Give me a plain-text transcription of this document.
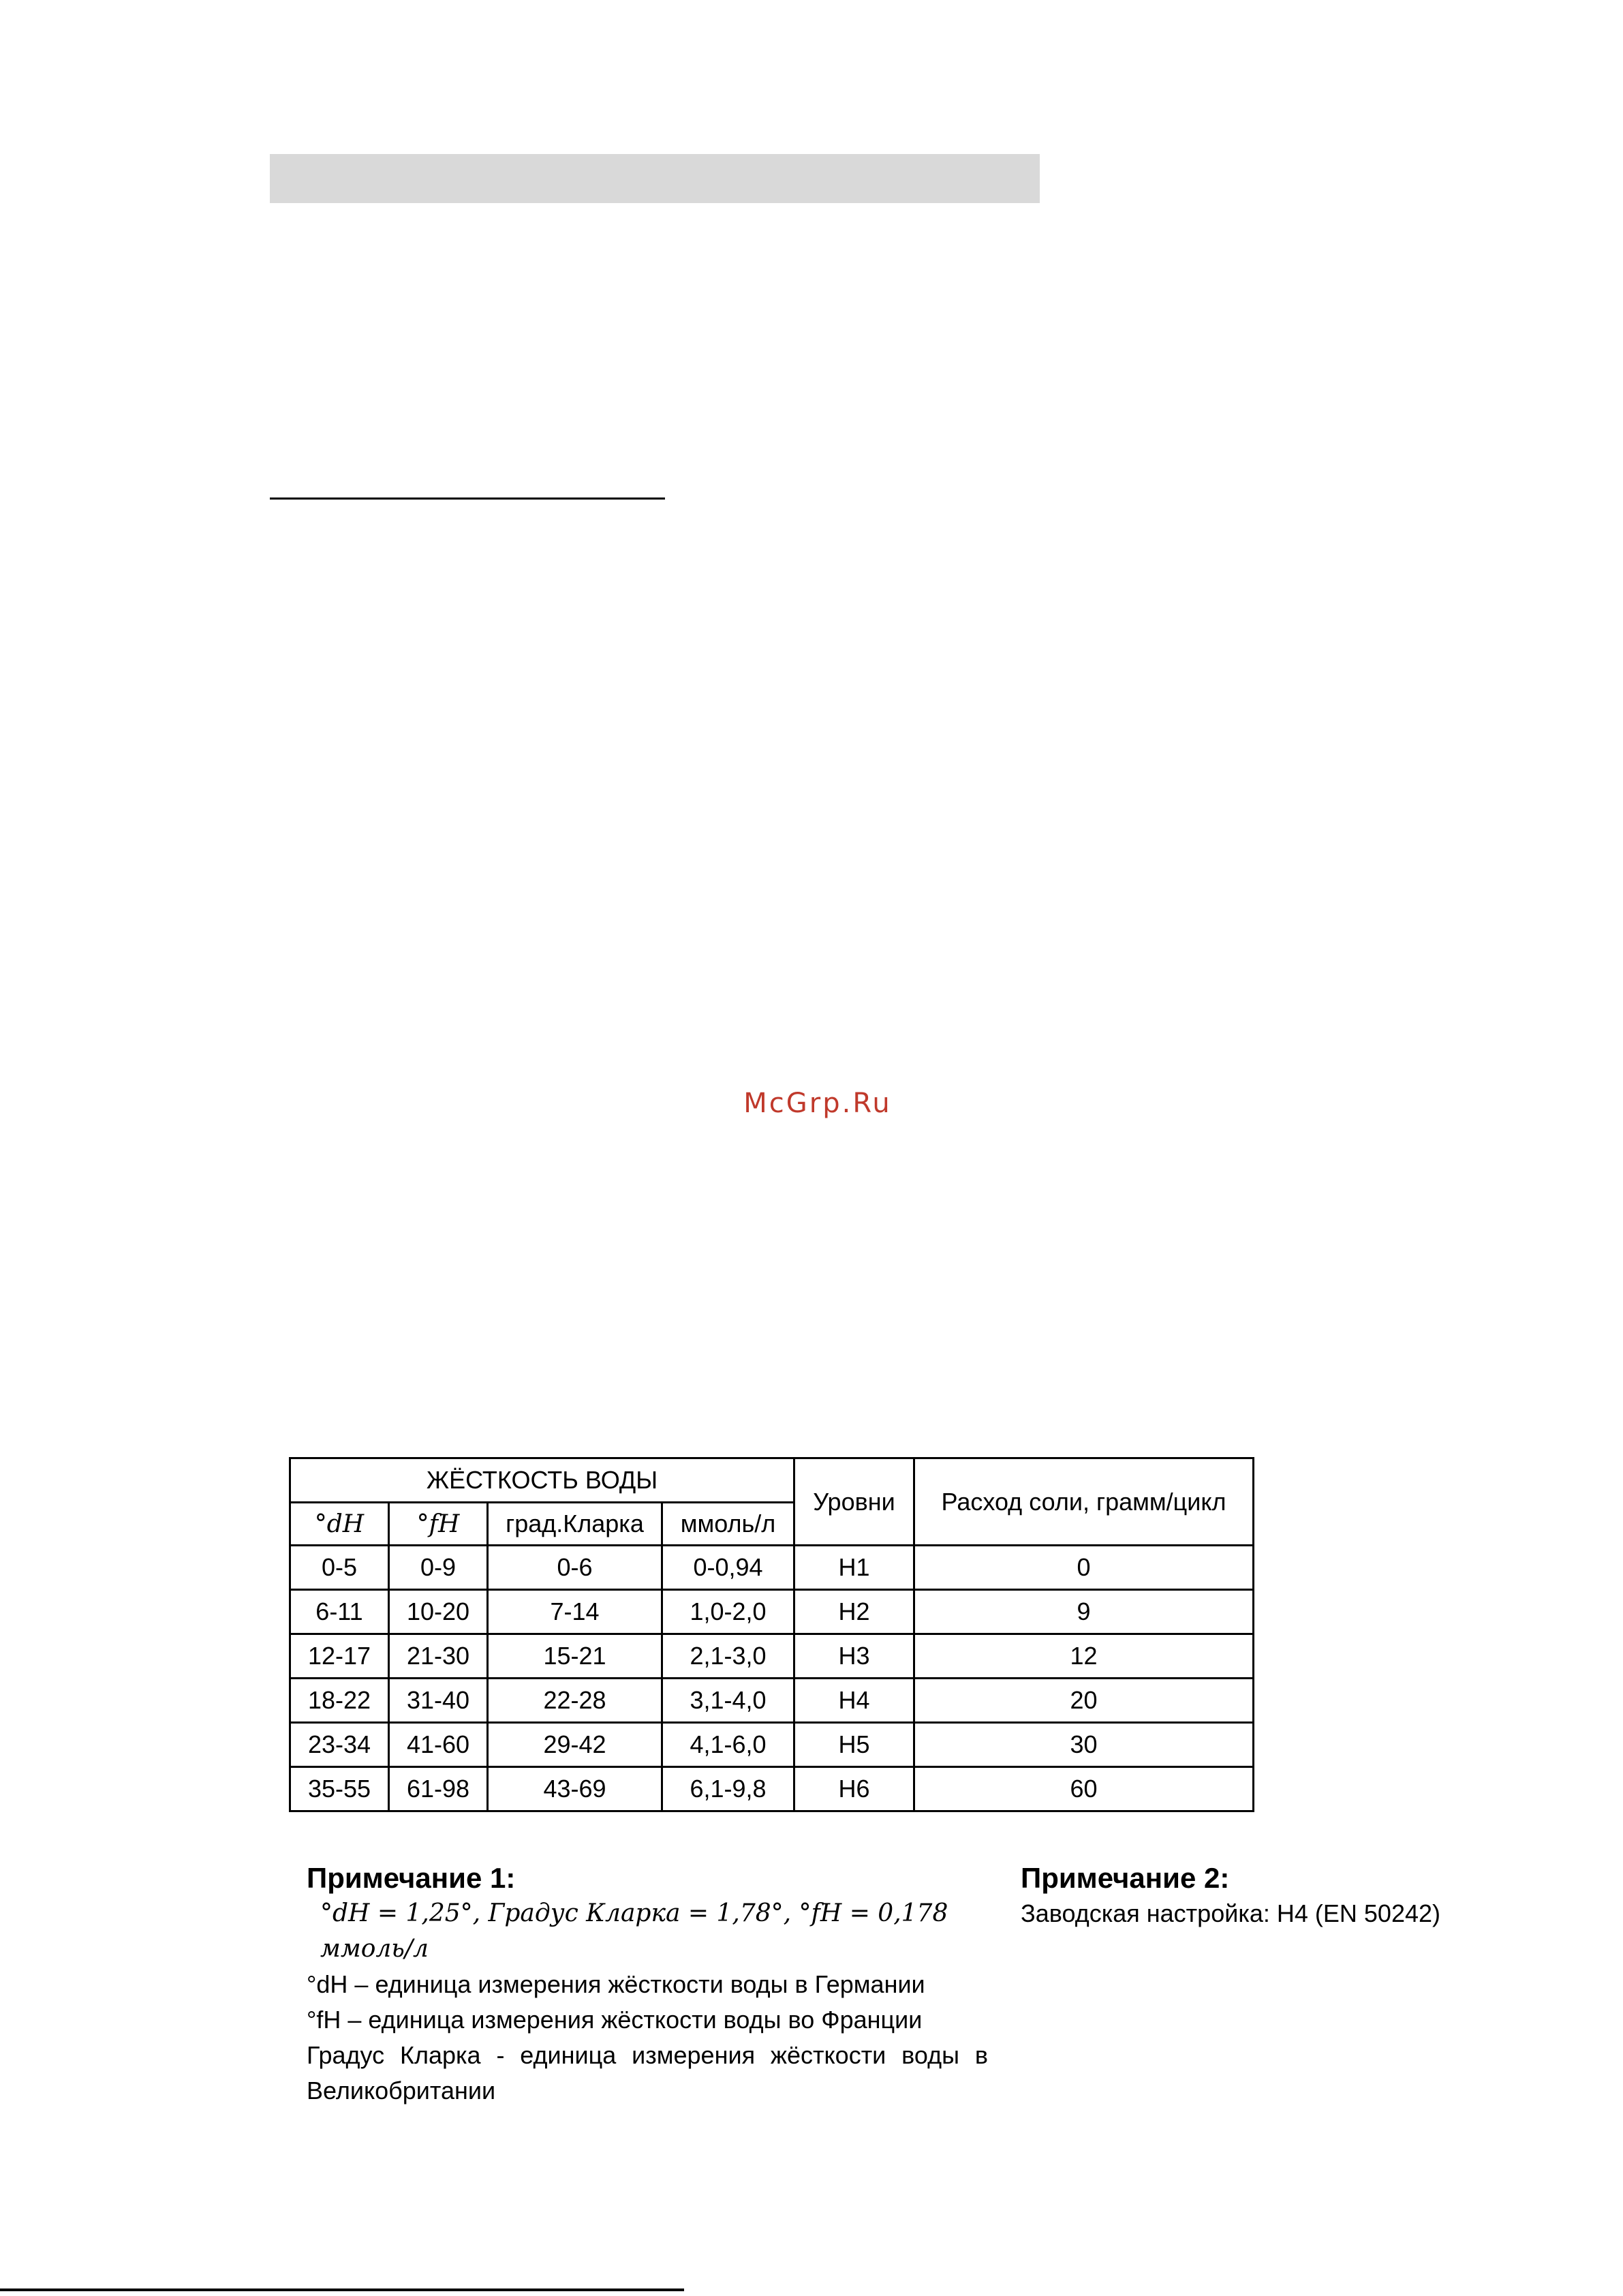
McGrp.Ru
ЖЁСТКОСТЬ ВОДЫ				Уровни	Расход соли, грамм/цикл
°dH	°fH	град.Кларка	ммоль/л		
0-5	0-9	0-6	0-0,94	H1	0
6-11	10-20	7-14	1,0-2,0	H2	9
12-17	21-30	15-21	2,1-3,0	H3	12
18-22	31-40	22-28	3,1-4,0	H4	20
23-34	41-60	29-42	4,1-6,0	H5	30
35-55	61-98	43-69	6,1-9,8	H6	60
Примечание 1:
°dH = 1,25°, Градус Кларка = 1,78°, °fH = 0,178 ммоль/л
°dH – единица измерения жёсткости воды в Германии
°fH – единица измерения жёсткости воды во Франции
Градус Кларка - единица измерения жёсткости воды в Великобритании
Примечание 2:
Заводская настройка: H4 (EN 50242)
